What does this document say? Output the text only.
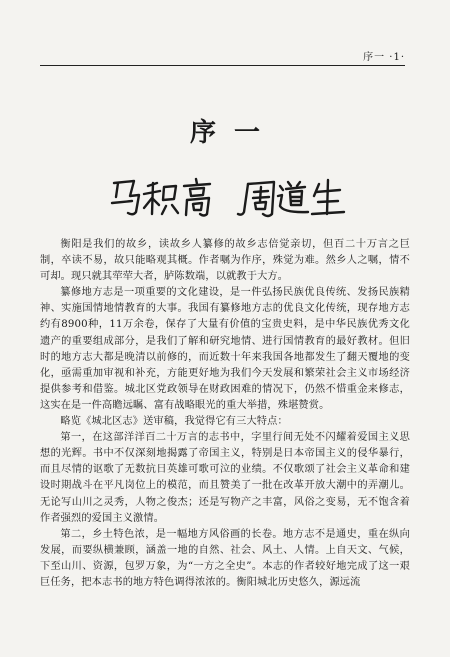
序一 ·1·
序一

衡阳是我们的故乡，读故乡人纂修的故乡志倍觉亲切，但百二十万言之巨制，卒读不易，故只能略观其概。作者嘱为作序，殊觉为难。然乡人之嘱，情不可却。现只就其荦荦大者，胪陈数端，以就教于大方。

纂修地方志是一项重要的文化建设，是一件弘扬民族优良传统、发扬民族精神、实施国情地情教育的大事。我国有纂修地方志的优良文化传统，现存地方志约有8900种，11万余卷，保存了大量有价值的宝贵史料，是中华民族优秀文化遗产的重要组成部分，是我们了解和研究地情、进行国情教育的最好教材。但旧时的地方志大都是晚清以前修的，而近数十年来我国各地都发生了翻天覆地的变化，亟需重加审视和补充，方能更好地为我们今天发展和繁荣社会主义市场经济提供参考和借鉴。城北区党政领导在财政困难的情况下，仍然不惜重金来修志，这实在是一件高瞻远瞩、富有战略眼光的重大举措，殊堪赞赏。

略览《城北区志》送审稿，我觉得它有三大特点：

第一，在这部洋洋百二十万言的志书中，字里行间无处不闪耀着爱国主义思想的光辉。书中不仅深刻地揭露了帝国主义，特别是日本帝国主义的侵华暴行，而且尽情的讴歌了无数抗日英雄可歌可泣的业绩。不仅歌颂了社会主义革命和建设时期战斗在平凡岗位上的模范，而且赞美了一批在改革开放大潮中的弄潮儿。无论写山川之灵秀，人物之俊杰；还是写物产之丰富，风俗之变易，无不饱含着作者强烈的爱国主义激情。

第二，乡土特色浓，是一幅地方风俗画的长卷。地方志不是通史，重在纵向发展，而要纵横兼顾，涵盖一地的自然、社会、风土、人情。上自天文、气候，下至山川、资源，包罗万象，为“一方之全史”。本志的作者较好地完成了这一艰巨任务，把本志书的地方特色调得浓浓的。衡阳城北历史悠久，源远流
